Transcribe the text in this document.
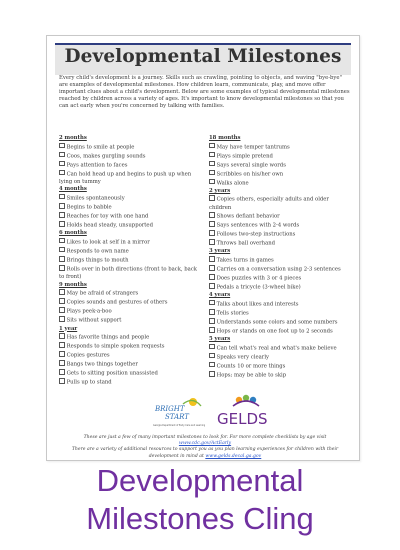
Developmental Milestones
Every child's development is a journey. Skills such as crawling, pointing to objects, and waving "bye-bye" are examples of developmental milestones. How children learn, communicate, play, and move offer important clues about a child's development. Below are some examples of typical developmental milestones reached by children across a variety of ages. It's important to know developmental milestones so that you can act early when you're concerned by talking with families.
2 months
Begins to smile at people
Coos, makes gurgling sounds
Pays attention to faces
Can hold head up and begins to push up when lying on tummy
4 months
Smiles spontaneously
Begins to babble
Reaches for toy with one hand
Holds head steady, unsupported
6 months
Likes to look at self in a mirror
Responds to own name
Brings things to mouth
Rolls over in both directions (front to back, back to front)
9 months
May be afraid of strangers
Copies sounds and gestures of others
Plays peek-a-boo
Sits without support
1 year
Has favorite things and people
Responds to simple spoken requests
Copies gestures
Bangs two things together
Gets to sitting position unassisted
Pulls up to stand
18 months
May have temper tantrums
Plays simple pretend
Says several single words
Scribbles on his/her own
Walks alone
2 years
Copies others, especially adults and older children
Shows defiant behavior
Says sentences with 2-4 words
Follows two-step instructions
Throws ball overhand
3 years
Takes turns in games
Carries on a conversation using 2-3 sentences
Does puzzles with 3 or 4 pieces
Pedals a tricycle (3-wheel bike)
4 years
Talks about likes and interests
Tells stories
Understands some colors and some numbers
Hops or stands on one foot up to 2 seconds
5 years
Can tell what's real and what's make believe
Speaks very clearly
Counts 10 or more things
Hops; may be able to skip
BRIGHT
START
Georgia Department of Early Care and Learning GELDS
These are just a few of many important milestones to look for. For more complete checklists by age visit www.cdc.gov/ActEarly
There are a variety of additional resources to support you as you plan learning experiences for children with their development in mind at www.gelds.decal.ga.gov
Developmental
Milestones Cling
